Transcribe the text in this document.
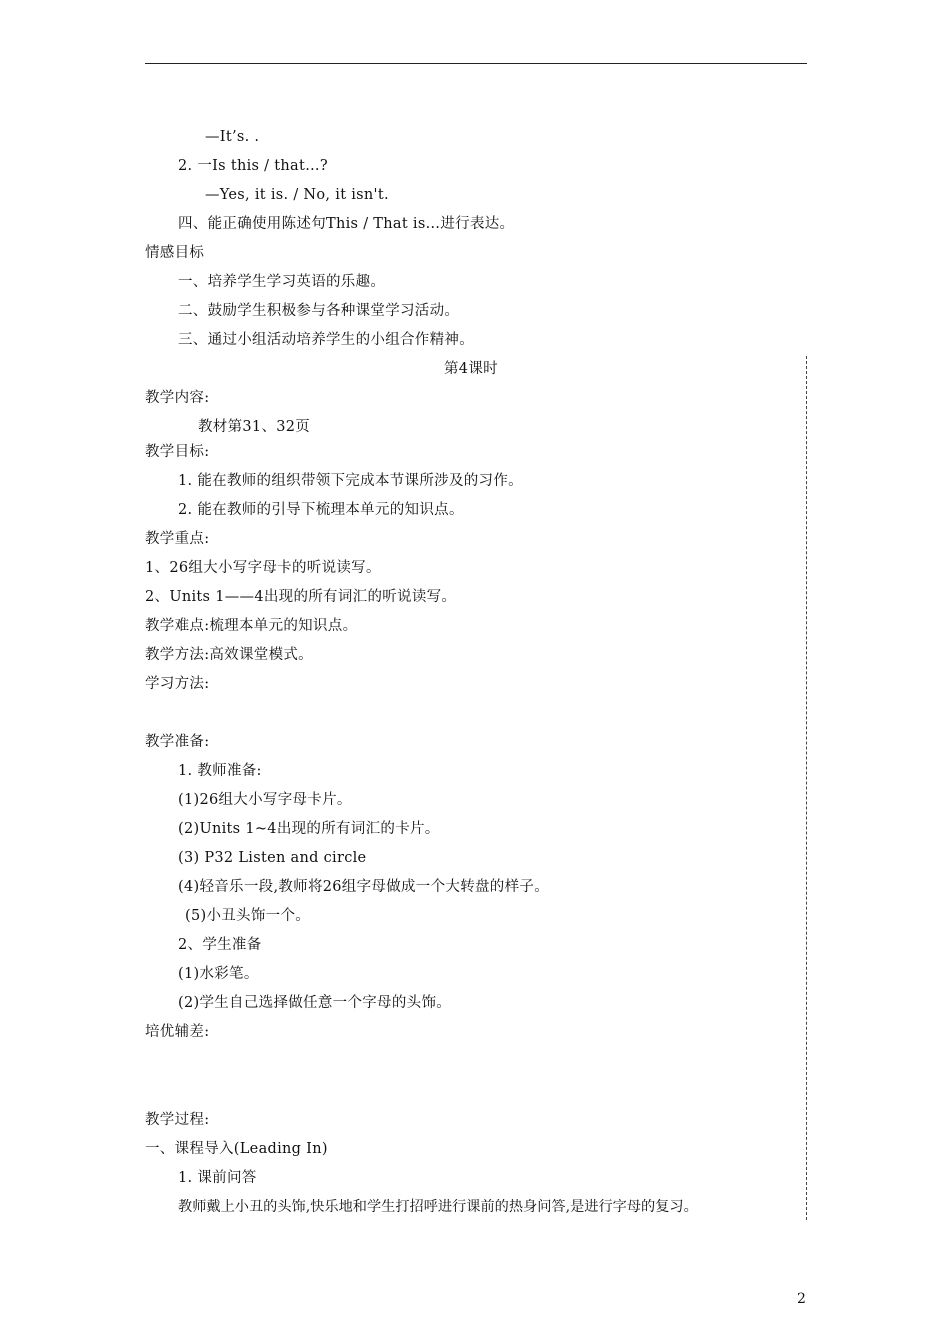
—It’s. .
2. 一Is this / that…?
—Yes, it is. / No, it isn't.
四、能正确使用陈述句This / That is…进行表达。
情感目标
一、培养学生学习英语的乐趣。
二、鼓励学生积极参与各种课堂学习活动。
三、通过小组活动培养学生的小组合作精神。
第4课时
教学内容:
教材第31、32页
教学目标:
1. 能在教师的组织带领下完成本节课所涉及的习作。
2. 能在教师的引导下梳理本单元的知识点。
教学重点:
1、26组大小写字母卡的听说读写。
2、Units 1——4出现的所有词汇的听说读写。
教学难点:梳理本单元的知识点。
教学方法:高效课堂模式。
学习方法:
教学准备:
1. 教师准备:
(1)26组大小写字母卡片。
(2)Units 1~4出现的所有词汇的卡片。
(3) P32 Listen and circle
(4)轻音乐一段,教师将26组字母做成一个大转盘的样子。
(5)小丑头饰一个。
2、学生准备
(1)水彩笔。
(2)学生自己选择做任意一个字母的头饰。
培优辅差:
教学过程:
一、课程导入(Leading In)
1. 课前问答
教师戴上小丑的头饰,快乐地和学生打招呼进行课前的热身问答,是进行字母的复习。
2
